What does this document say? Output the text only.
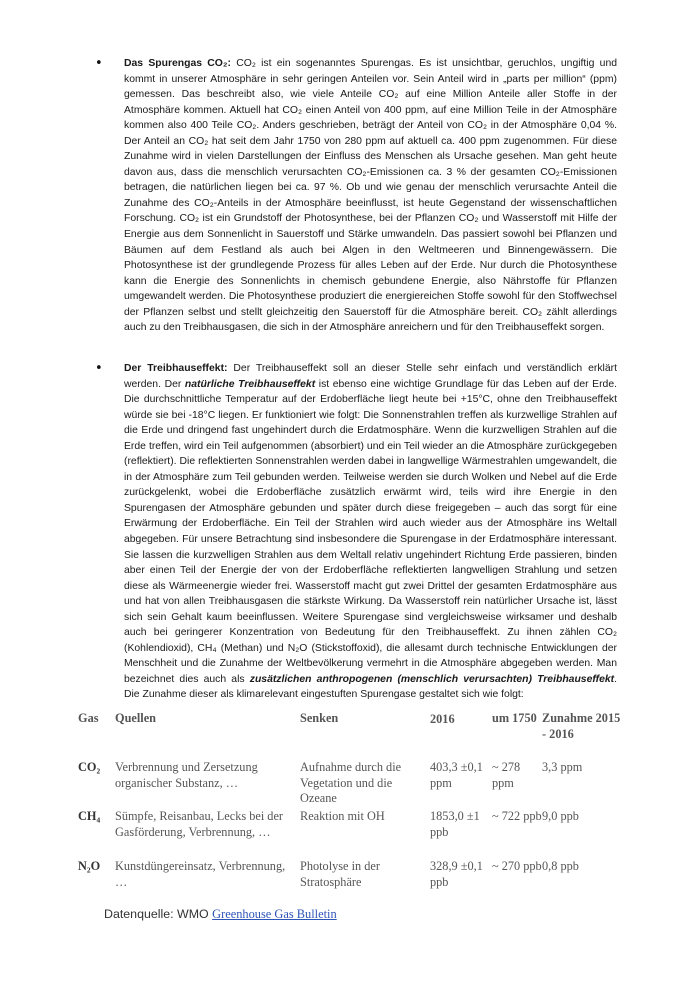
• Das Spurengas CO₂: CO₂ ist ein sogenanntes Spurengas. Es ist unsichtbar, geruchlos, ungiftig und kommt in unserer Atmosphäre in sehr geringen Anteilen vor. Sein Anteil wird in „parts per million“ (ppm) gemessen. Das beschreibt also, wie viele Anteile CO₂ auf eine Million Anteile aller Stoffe in der Atmosphäre kommen. Aktuell hat CO₂ einen Anteil von 400 ppm, auf eine Million Teile in der Atmosphäre kommen also 400 Teile CO₂. Anders geschrieben, beträgt der Anteil von CO₂ in der Atmosphäre 0,04 %. Der Anteil an CO₂ hat seit dem Jahr 1750 von 280 ppm auf aktuell ca. 400 ppm zugenommen. Für diese Zunahme wird in vielen Darstellungen der Einfluss des Menschen als Ursache gesehen. Man geht heute davon aus, dass die menschlich verursachten CO₂-Emissionen ca. 3 % der gesamten CO₂-Emissionen betragen, die natürlichen liegen bei ca. 97 %. Ob und wie genau der menschlich verursachte Anteil die Zunahme des CO₂-Anteils in der Atmosphäre beeinflusst, ist heute Gegenstand der wissenschaftlichen Forschung. CO₂ ist ein Grundstoff der Photosynthese, bei der Pflanzen CO₂ und Wasserstoff mit Hilfe der Energie aus dem Sonnenlicht in Sauerstoff und Stärke umwandeln. Das passiert sowohl bei Pflanzen und Bäumen auf dem Festland als auch bei Algen in den Weltmeeren und Binnengewässern. Die Photosynthese ist der grundlegende Prozess für alles Leben auf der Erde. Nur durch die Photosynthese kann die Energie des Sonnenlichts in chemisch gebundene Energie, also Nährstoffe für Pflanzen umgewandelt werden. Die Photosynthese produziert die energiereichen Stoffe sowohl für den Stoffwechsel der Pflanzen selbst und stellt gleichzeitig den Sauerstoff für die Atmosphäre bereit. CO₂ zählt allerdings auch zu den Treibhausgasen, die sich in der Atmosphäre anreichern und für den Treibhauseffekt sorgen.
• Der Treibhauseffekt: Der Treibhauseffekt soll an dieser Stelle sehr einfach und verständlich erklärt werden. Der natürliche Treibhauseffekt ist ebenso eine wichtige Grundlage für das Leben auf der Erde. Die durchschnittliche Temperatur auf der Erdoberfläche liegt heute bei +15°C, ohne den Treibhauseffekt würde sie bei -18°C liegen. Er funktioniert wie folgt: Die Sonnenstrahlen treffen als kurzwellige Strahlen auf die Erde und dringend fast ungehindert durch die Erdatmosphäre. Wenn die kurzwelligen Strahlen auf die Erde treffen, wird ein Teil aufgenommen (absorbiert) und ein Teil wieder an die Atmosphäre zurückgegeben (reflektiert). Die reflektierten Sonnenstrahlen werden dabei in langwellige Wärmestrahlen umgewandelt, die in der Atmosphäre zum Teil gebunden werden. Teilweise werden sie durch Wolken und Nebel auf die Erde zurückgelenkt, wobei die Erdoberfläche zusätzlich erwärmt wird, teils wird ihre Energie in den Spurengasen der Atmosphäre gebunden und später durch diese freigegeben – auch das sorgt für eine Erwärmung der Erdoberfläche. Ein Teil der Strahlen wird auch wieder aus der Atmosphäre ins Weltall abgegeben. Für unsere Betrachtung sind insbesondere die Spurengase in der Erdatmosphäre interessant. Sie lassen die kurzwelligen Strahlen aus dem Weltall relativ ungehindert Richtung Erde passieren, binden aber einen Teil der Energie der von der Erdoberfläche reflektierten langwelligen Strahlung und setzen diese als Wärmeenergie wieder frei. Wasserstoff macht gut zwei Drittel der gesamten Erdatmosphäre aus und hat von allen Treibhausgasen die stärkste Wirkung. Da Wasserstoff rein natürlicher Ursache ist, lässt sich sein Gehalt kaum beeinflussen. Weitere Spurengase sind vergleichsweise wirksamer und deshalb auch bei geringerer Konzentration von Bedeutung für den Treibhauseffekt. Zu ihnen zählen CO₂ (Kohlendioxid), CH₄ (Methan) und N₂O (Stickstoffoxid), die allesamt durch technische Entwicklungen der Menschheit und die Zunahme der Weltbevölkerung vermehrt in die Atmosphäre abgegeben werden. Man bezeichnet dies auch als zusätzlichen anthropogenen (menschlich verursachten) Treibhauseffekt. Die Zunahme dieser als klimarelevant eingestuften Spurengase gestaltet sich wie folgt:
Gas	Quellen	Senken	2016	um 1750	Zunahme 2015 - 2016
CO₂	Verbrennung und Zersetzung organischer Substanz, …	Aufnahme durch die Vegetation und die Ozeane	403,3 ±0,1 ppm	~ 278 ppm	3,3 ppm
CH₄	Sümpfe, Reisanbau, Lecks bei der Gasförderung, Verbrennung, …	Reaktion mit OH	1853,0 ±1 ppb	~ 722 ppb	9,0 ppb
N₂O	Kunstdüngereinsatz, Verbrennung, …	Photolyse in der Stratosphäre	328,9 ±0,1 ppb	~ 270 ppb	0,8 ppb
Datenquelle: WMO Greenhouse Gas Bulletin
